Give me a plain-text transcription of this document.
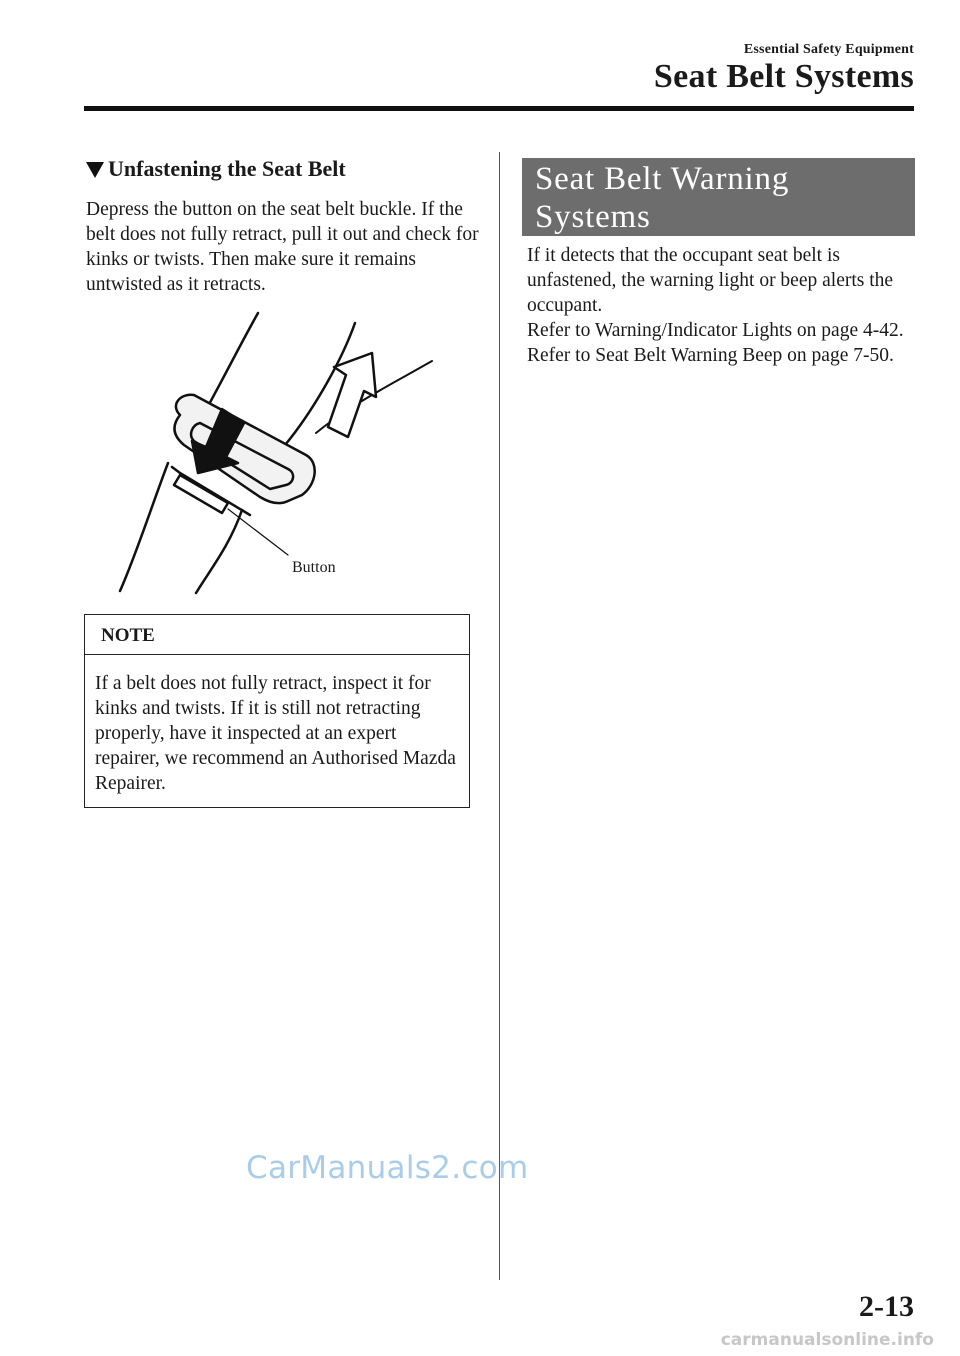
Essential Safety Equipment
Seat Belt Systems
Unfastening the Seat Belt
Depress the button on the seat belt buckle. If the belt does not fully retract, pull it out and check for kinks or twists. Then make sure it remains untwisted as it retracts.
Button
NOTE
If a belt does not fully retract, inspect it for kinks and twists. If it is still not retracting properly, have it inspected at an expert repairer, we recommend an Authorised Mazda Repairer.
Seat Belt Warning
Systems

If it detects that the occupant seat belt is unfastened, the warning light or beep alerts the occupant.

Refer to Warning/Indicator Lights on page 4-42.

Refer to Seat Belt Warning Beep on page 7-50.

2-13
CarManuals2.com
carmanualsonline.info
